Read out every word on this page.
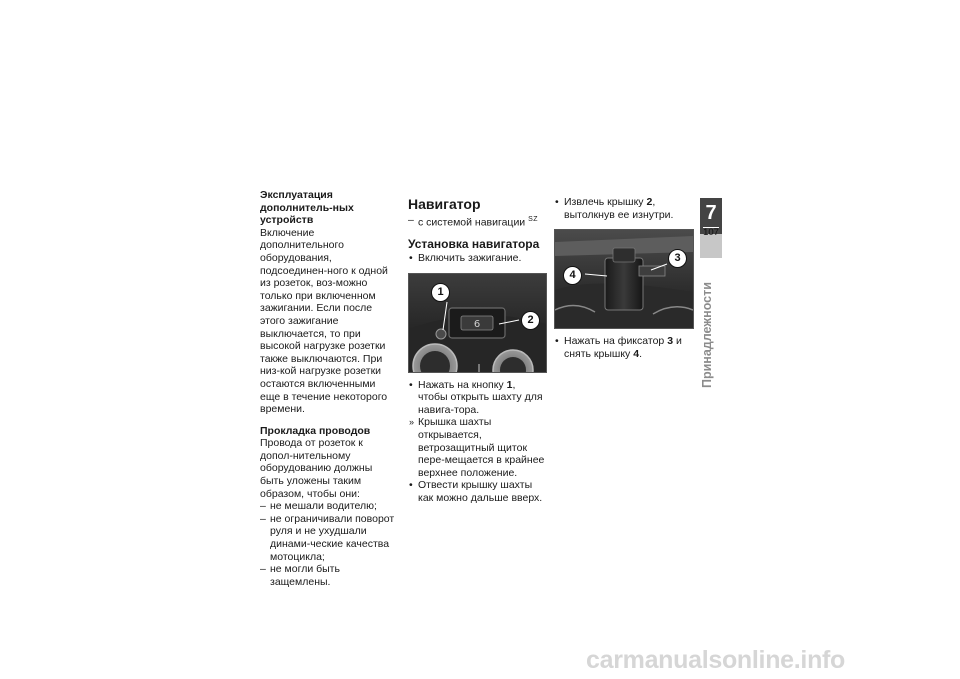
Эксплуатация дополнитель-ных устройств

Включение дополнительного оборудования, подсоединен-ного к одной из розеток, воз-можно только при включенном зажигании. Если после этого зажигание выключается, то при высокой нагрузке розетки также выключаются. При низ-кой нагрузке розетки остаются включенными еще в течение некоторого времени.

Прокладка проводов

Провода от розеток к допол-нительному оборудованию должны быть уложены таким образом, чтобы они:

– не мешали водителю;
– не ограничивали поворот руля и не ухудшали динами-ческие качества мотоцикла;
– не могли быть защемлены.
Навигатор
– с системой навигации $^{SZ}$
Установка навигатора
• Включить зажигание.
6
1
2
• Нажать на кнопку 1, чтобы открыть шахту для навига-тора.
» Крышка шахты открывается, ветрозащитный щиток пере-мещается в крайнее верхнее положение.
• Отвести крышку шахты как можно дальше вверх.
• Извлечь крышку 2, вытолкнув ее изнутри.
3
4
• Нажать на фиксатор 3 и снять крышку 4.
7
107
Принадлежности
carmanualsonline.info
